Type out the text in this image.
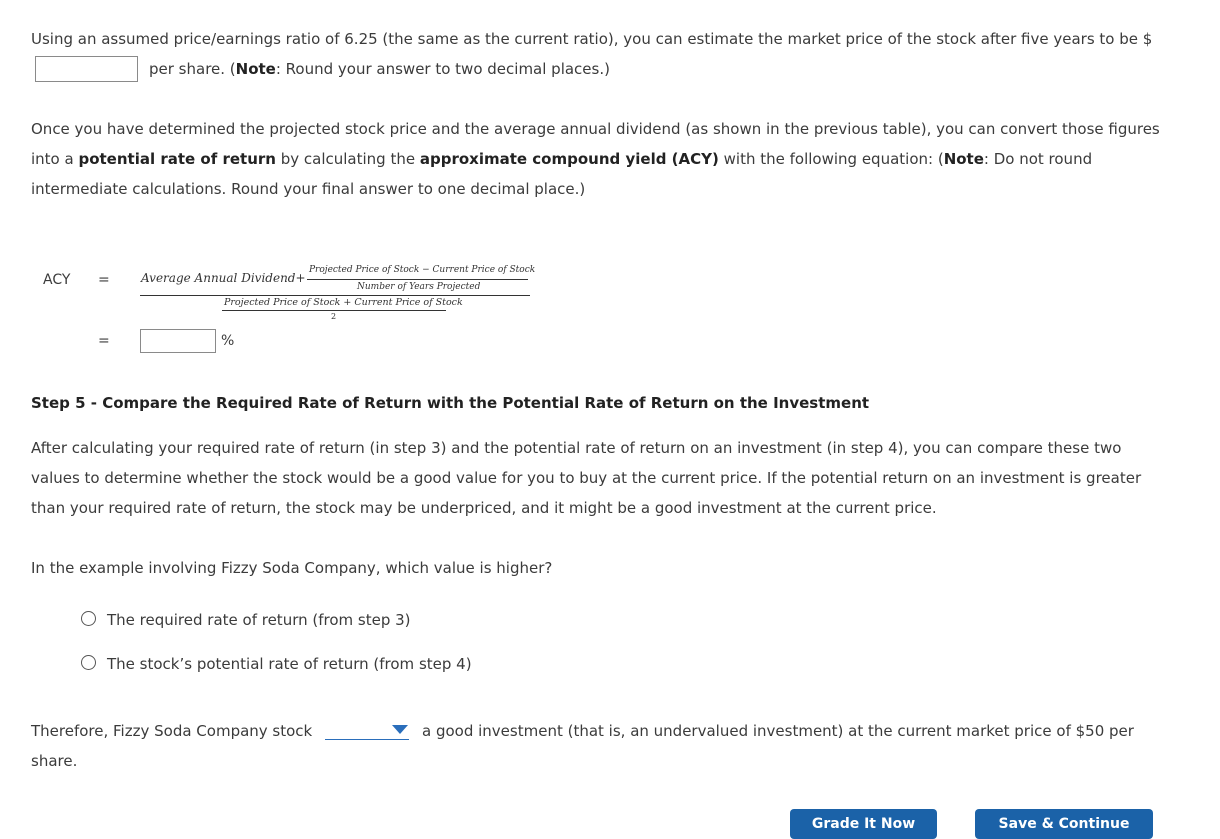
Using an assumed price/earnings ratio of 6.25 (the same as the current ratio), you can estimate the market price of the stock after five years to be $
per share. (Note: Round your answer to two decimal places.)
Once you have determined the projected stock price and the average annual dividend (as shown in the previous table), you can convert those figures
into a potential rate of return by calculating the approximate compound yield (ACY) with the following equation: (Note: Do not round
intermediate calculations. Round your final answer to one decimal place.)
ACY =	Average Annual Dividend+
Projected Price of Stock − Current Price of Stock
Number of Years Projected
Projected Price of Stock + Current Price of Stock
2
=	%
Step 5 - Compare the Required Rate of Return with the Potential Rate of Return on the Investment
After calculating your required rate of return (in step 3) and the potential rate of return on an investment (in step 4), you can compare these two
values to determine whether the stock would be a good value for you to buy at the current price. If the potential return on an investment is greater
than your required rate of return, the stock may be underpriced, and it might be a good investment at the current price.
In the example involving Fizzy Soda Company, which value is higher?
The required rate of return (from step 3)
The stock’s potential rate of return (from step 4)
Therefore, Fizzy Soda Company stock	a good investment (that is, an undervalued investment) at the current market price of $50 per
share.
Grade It Now	Save & Continue
